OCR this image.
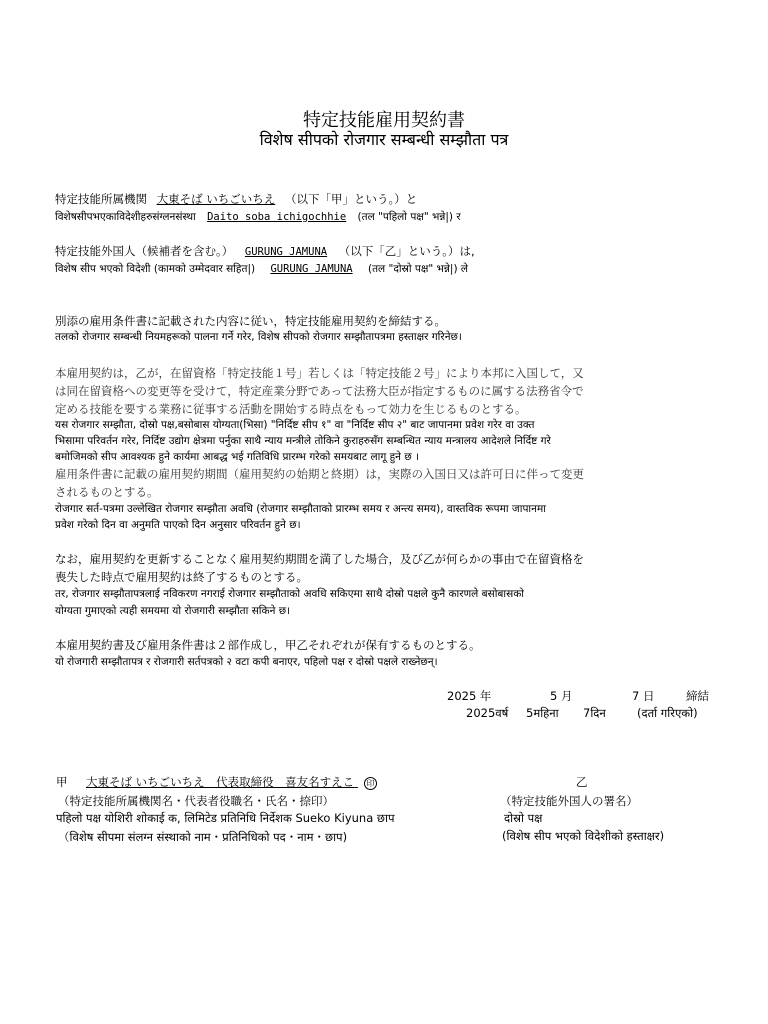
特定技能雇用契約書
विशेष सीपको रोजगार सम्बन्धी सम्झौता पत्र
特定技能所属機関 大東そば いちごいちえ （以下「甲」という。）と
विशेषसीपभएकाविदेशीहरुसंग्लनसंस्था Daito soba ichigochhie (तल "पहिलो पक्ष" भन्ने|) र
特定技能外国人（候補者を含む。） GURUNG JAMUNA （以下「乙」という。）は,
विशेष सीप भएको विदेशी (कामको उम्मेदवार सहित|) GURUNG JAMUNA (तल "दोस्रो पक्ष" भन्ने|) ले
別添の雇用条件書に記載された内容に従い，特定技能雇用契約を締結する。
तलको रोजगार सम्बन्धी नियमहरूको पालना गर्ने गरेर, विशेष सीपको रोजगार सम्झौतापत्रमा हस्ताक्षर गरिनेछ।
本雇用契約は，乙が，在留資格「特定技能１号」若しくは「特定技能２号」により本邦に入国して，又
は同在留資格への変更等を受けて，特定産業分野であって法務大臣が指定するものに属する法務省令で
定める技能を要する業務に従事する活動を開始する時点をもって効力を生じるものとする。
यस रोजगार सम्झौता, दोस्रो पक्ष,बसोबास योग्यता(भिसा) "निर्दिष्ट सीप १" वा "निर्दिष्ट सीप २" बाट जापानमा प्रवेश गरेर वा उक्त
भिसामा परिवर्तन गरेर, निर्दिष्ट उद्योग क्षेत्रमा पर्नुका साथै न्याय मन्त्रीले तोकिने कुराहरुसँग सम्बन्धित न्याय मन्त्रालय आदेशले निर्दिष्ट गरे
बमोजिमको सीप आवश्यक हुने कार्यमा आबद्ध भई गतिविधि प्रारम्भ गरेको समयबाट लागू हुने छ ।
雇用条件書に記載の雇用契約期間（雇用契約の始期と終期）は，実際の入国日又は許可日に伴って変更
されるものとする。
रोजगार सर्त-पत्रमा उल्लेखित रोजगार सम्झौता अवधि (रोजगार सम्झौताको प्रारम्भ समय र अन्त्य समय), वास्तविक रूपमा जापानमा
प्रवेश गरेको दिन वा अनुमति पाएको दिन अनुसार परिवर्तन हुने छ।
なお，雇用契約を更新することなく雇用契約期間を満了した場合，及び乙が何らかの事由で在留資格を
喪失した時点で雇用契約は終了するものとする。
तर, रोजगार सम्झौतापत्रलाई नविकरण नगराई रोजगार सम्झौताको अवधि सकिएमा साथै दोस्रो पक्षले कुनै कारणले बसोबासको
योग्यता गुमाएको त्यही समयमा यो रोजगारी सम्झौता सकिने छ।
本雇用契約書及び雇用条件書は２部作成し，甲乙それぞれが保有するものとする。
यो रोजगारी सम्झौतापत्र र रोजगारी सर्तपत्रको २ वटा कपी बनाएर, पहिलो पक्ष र दोस्रो पक्षले राख्नेछन्।
2025 年	5 月	7 日	締結
2025वर्ष 5महिना 7दिन	(दर्ता गरिएको)
甲 大東そば いちごいちえ　代表取締役　喜友名すえこ 印
（特定技能所属機関名・代表者役職名・氏名・捺印）
पहिलो पक्ष योशिरी शोकाई क, लिमिटेड प्रतिनिधि निर्देशक Sueko Kiyuna छाप
（विशेष सीपमा संलग्न संस्थाको नाम・प्रतिनिधिको पद・नाम・छाप)
乙
（特定技能外国人の署名）
दोस्रो पक्ष
(विशेष सीप भएको विदेशीको हस्ताक्षर)
